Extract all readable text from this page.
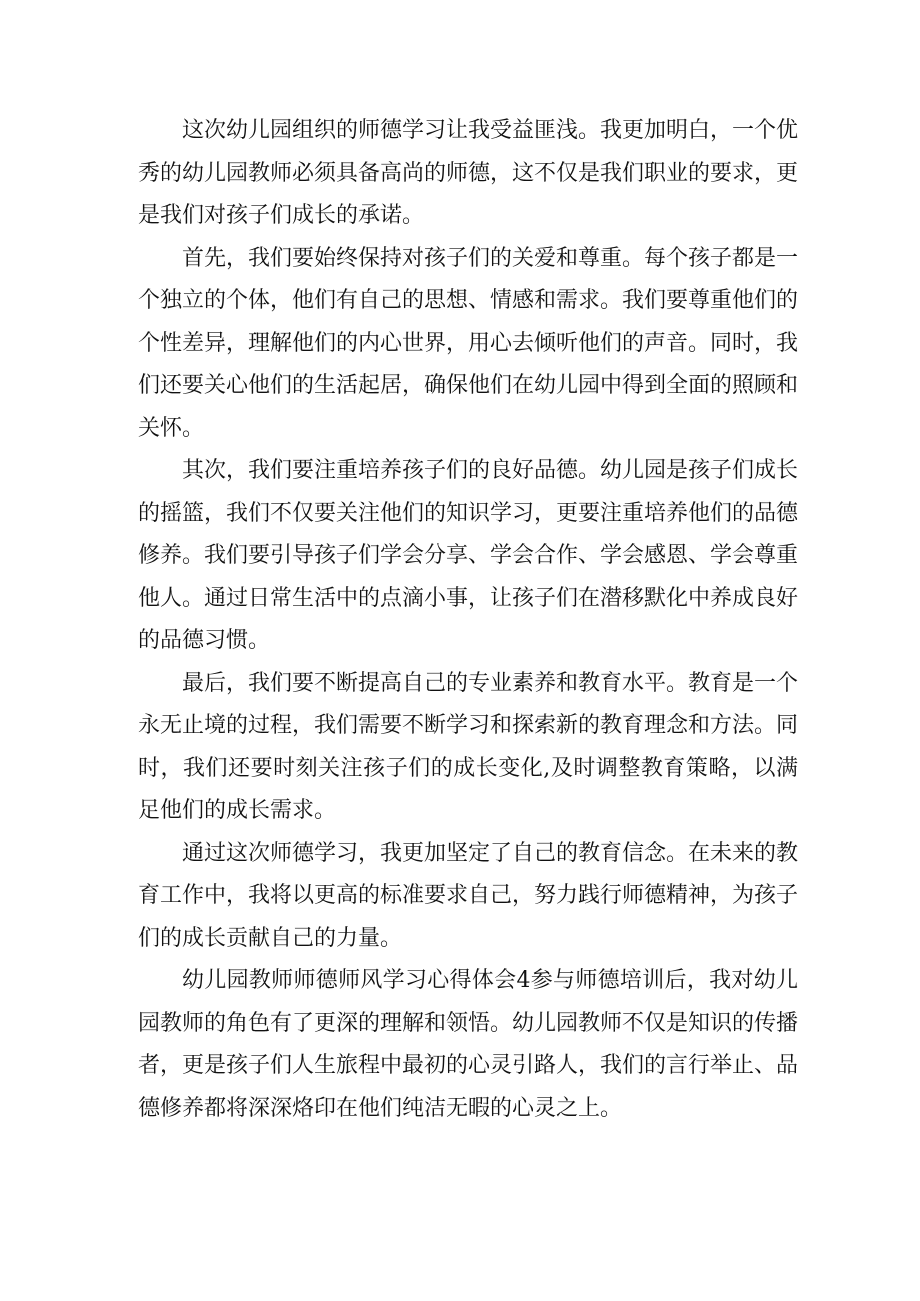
这次幼儿园组织的师德学习让我受益匪浅。我更加明白，一个优秀的幼儿园教师必须具备高尚的师德，这不仅是我们职业的要求，更是我们对孩子们成长的承诺。

首先，我们要始终保持对孩子们的关爱和尊重。每个孩子都是一个独立的个体，他们有自己的思想、情感和需求。我们要尊重他们的个性差异，理解他们的内心世界，用心去倾听他们的声音。同时，我们还要关心他们的生活起居，确保他们在幼儿园中得到全面的照顾和关怀。

其次，我们要注重培养孩子们的良好品德。幼儿园是孩子们成长的摇篮，我们不仅要关注他们的知识学习，更要注重培养他们的品德修养。我们要引导孩子们学会分享、学会合作、学会感恩、学会尊重他人。通过日常生活中的点滴小事，让孩子们在潜移默化中养成良好的品德习惯。

最后，我们要不断提高自己的专业素养和教育水平。教育是一个永无止境的过程，我们需要不断学习和探索新的教育理念和方法。同时，我们还要时刻关注孩子们的成长变化,及时调整教育策略，以满足他们的成长需求。

通过这次师德学习，我更加坚定了自己的教育信念。在未来的教育工作中，我将以更高的标准要求自己，努力践行师德精神，为孩子们的成长贡献自己的力量。

幼儿园教师师德师风学习心得体会4参与师德培训后，我对幼儿园教师的角色有了更深的理解和领悟。幼儿园教师不仅是知识的传播者，更是孩子们人生旅程中最初的心灵引路人，我们的言行举止、品德修养都将深深烙印在他们纯洁无暇的心灵之上。
